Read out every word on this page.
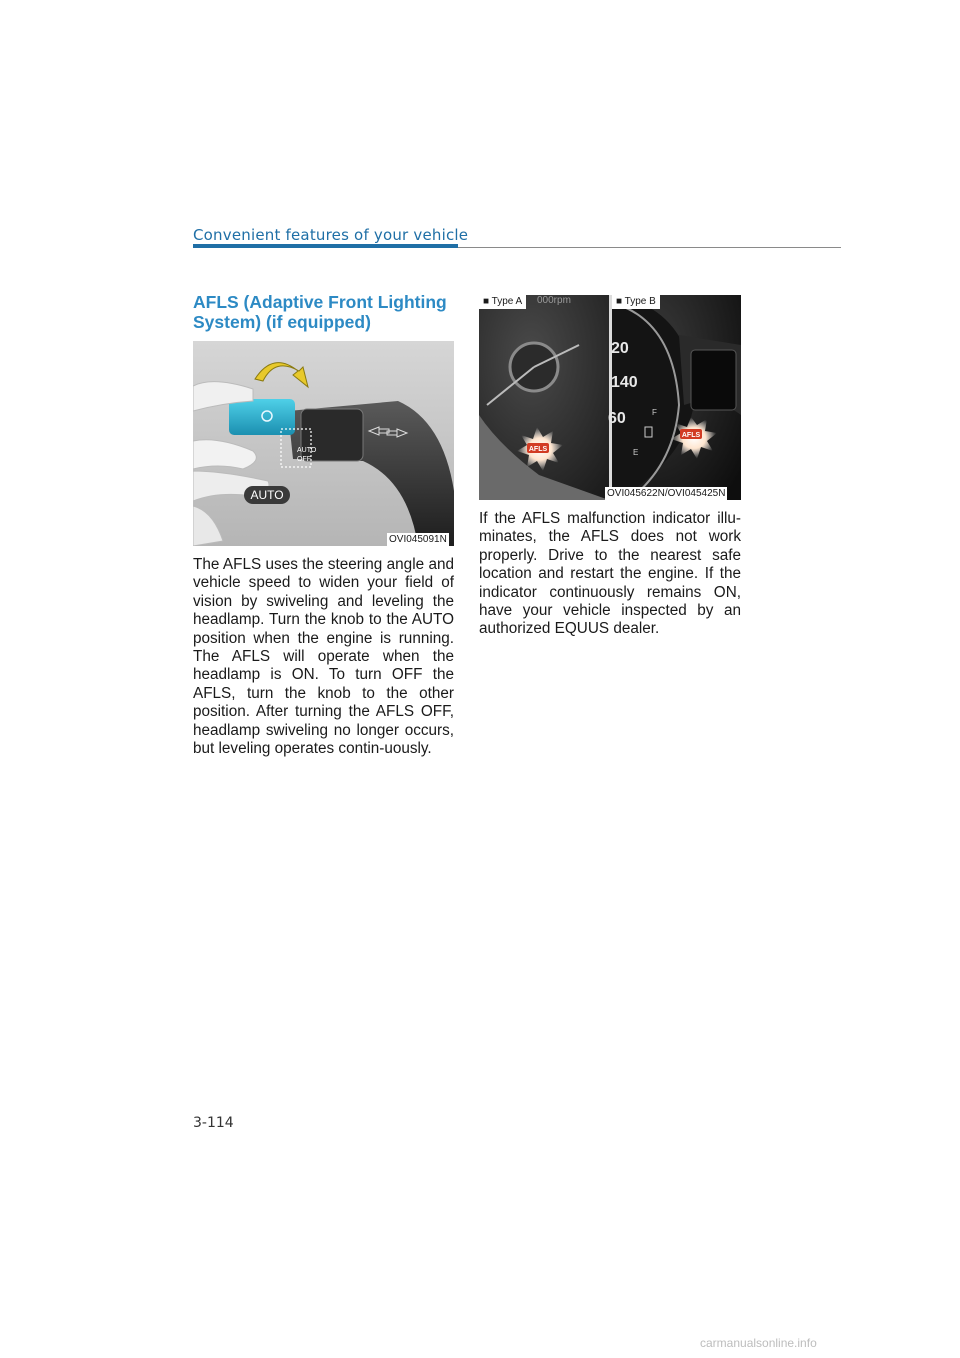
Convenient features of your vehicle
AFLS (Adaptive Front Lighting System) (if equipped)
AUTO
OFF
AUTO
OVI045091N
The AFLS uses the steering angle and vehicle speed to widen your field of vision by swiveling and leveling the headlamp. Turn the knob to the AUTO position when the engine is running. The AFLS will operate when the headlamp is ON. To turn OFF the AFLS, turn the knob to the other position. After turning the AFLS OFF, headlamp swiveling no longer occurs, but leveling operates contin-uously.
000rpm
AFLS
20
140
60	F
E
AFLS
■ Type A	■ Type B
OVI045622N/OVI045425N
If the AFLS malfunction indicator illu-minates, the AFLS does not work properly. Drive to the nearest safe location and restart the engine. If the indicator continuously remains ON, have your vehicle inspected by an authorized EQUUS dealer.
3-114
carmanualsonline.info
